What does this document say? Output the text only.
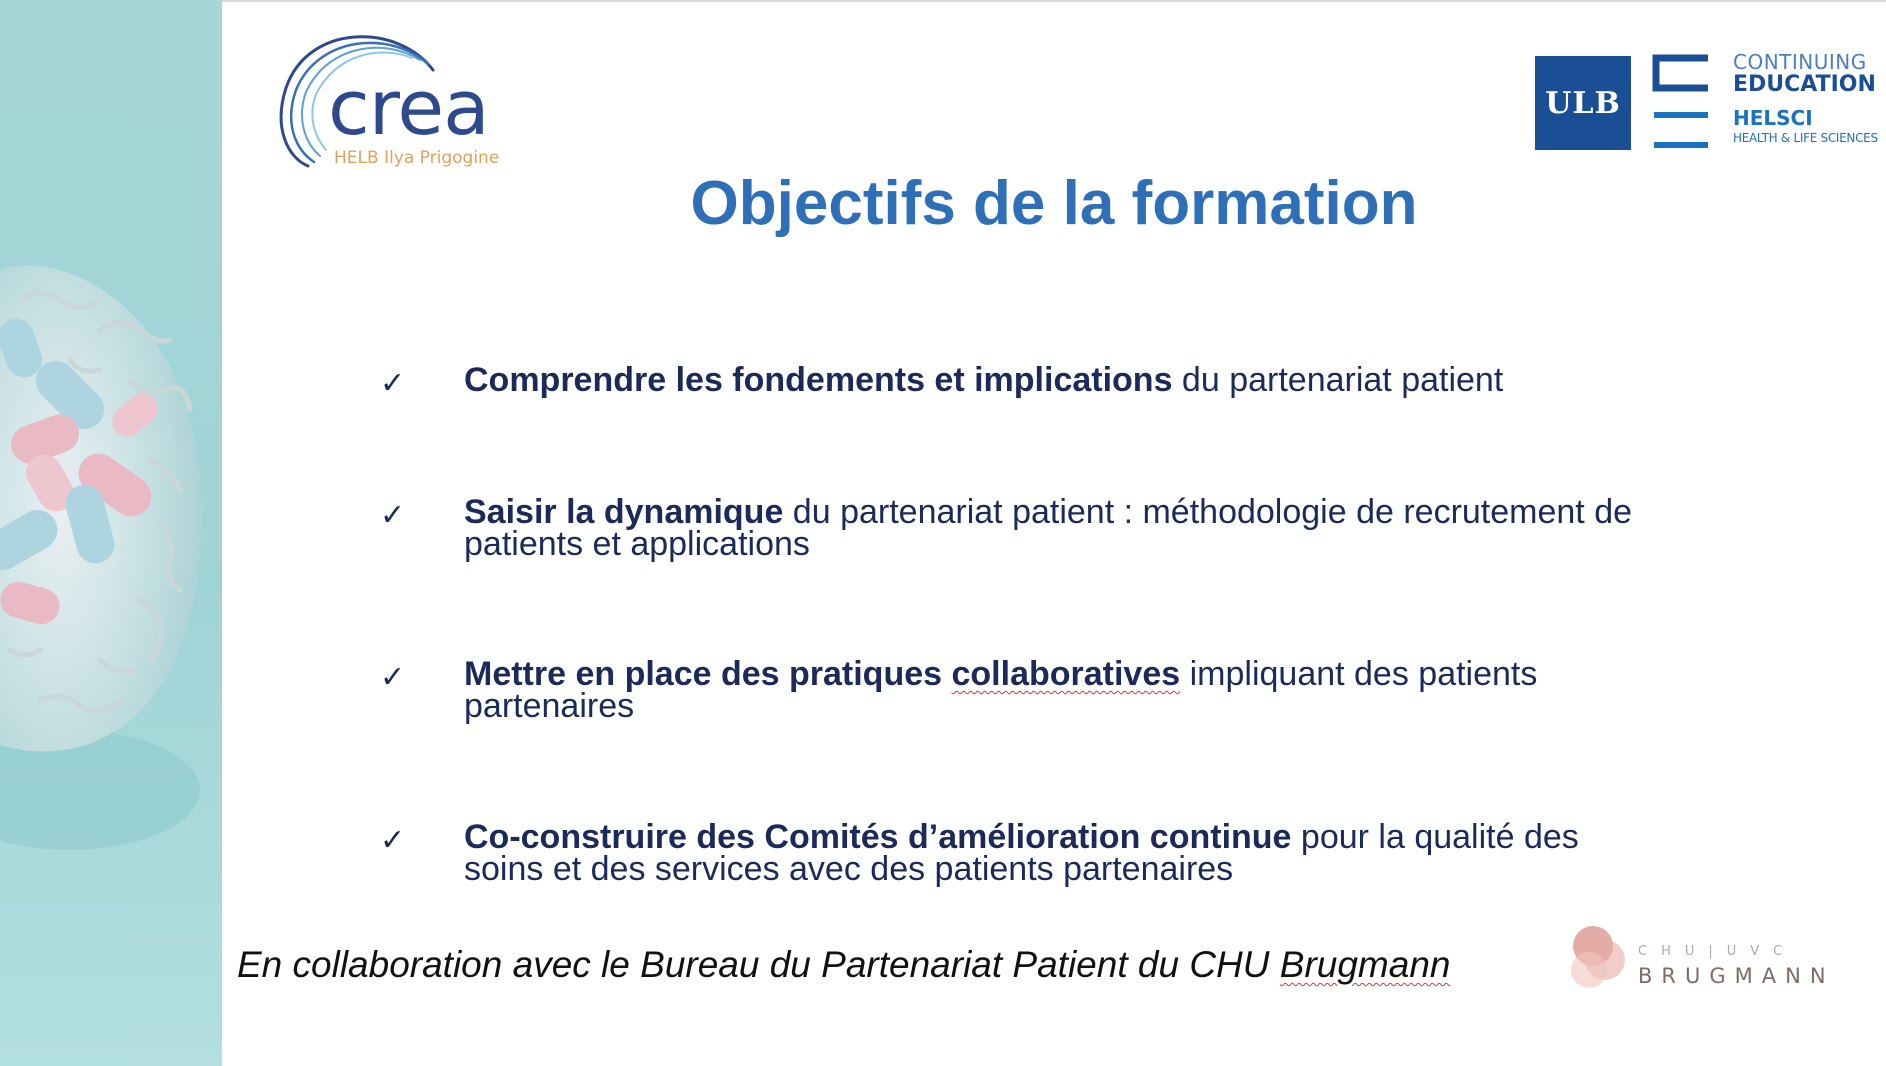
crea
HELB Ilya Prigogine
ULB
CONTINUING
EDUCATION
HELSCI
HEALTH & LIFE SCIENCES
Objectifs de la formation
✓ Comprendre les fondements et implications du partenariat patient
✓ Saisir la dynamique du partenariat patient : méthodologie de recrutement de patients et applications
✓ Mettre en place des pratiques collaboratives impliquant des patients partenaires
✓ Co-construire des Comités d’amélioration continue pour la qualité des soins et des services avec des patients partenaires
En collaboration avec le Bureau du Partenariat Patient du CHU Brugmann	CHU|UVC
BRUGMANN
